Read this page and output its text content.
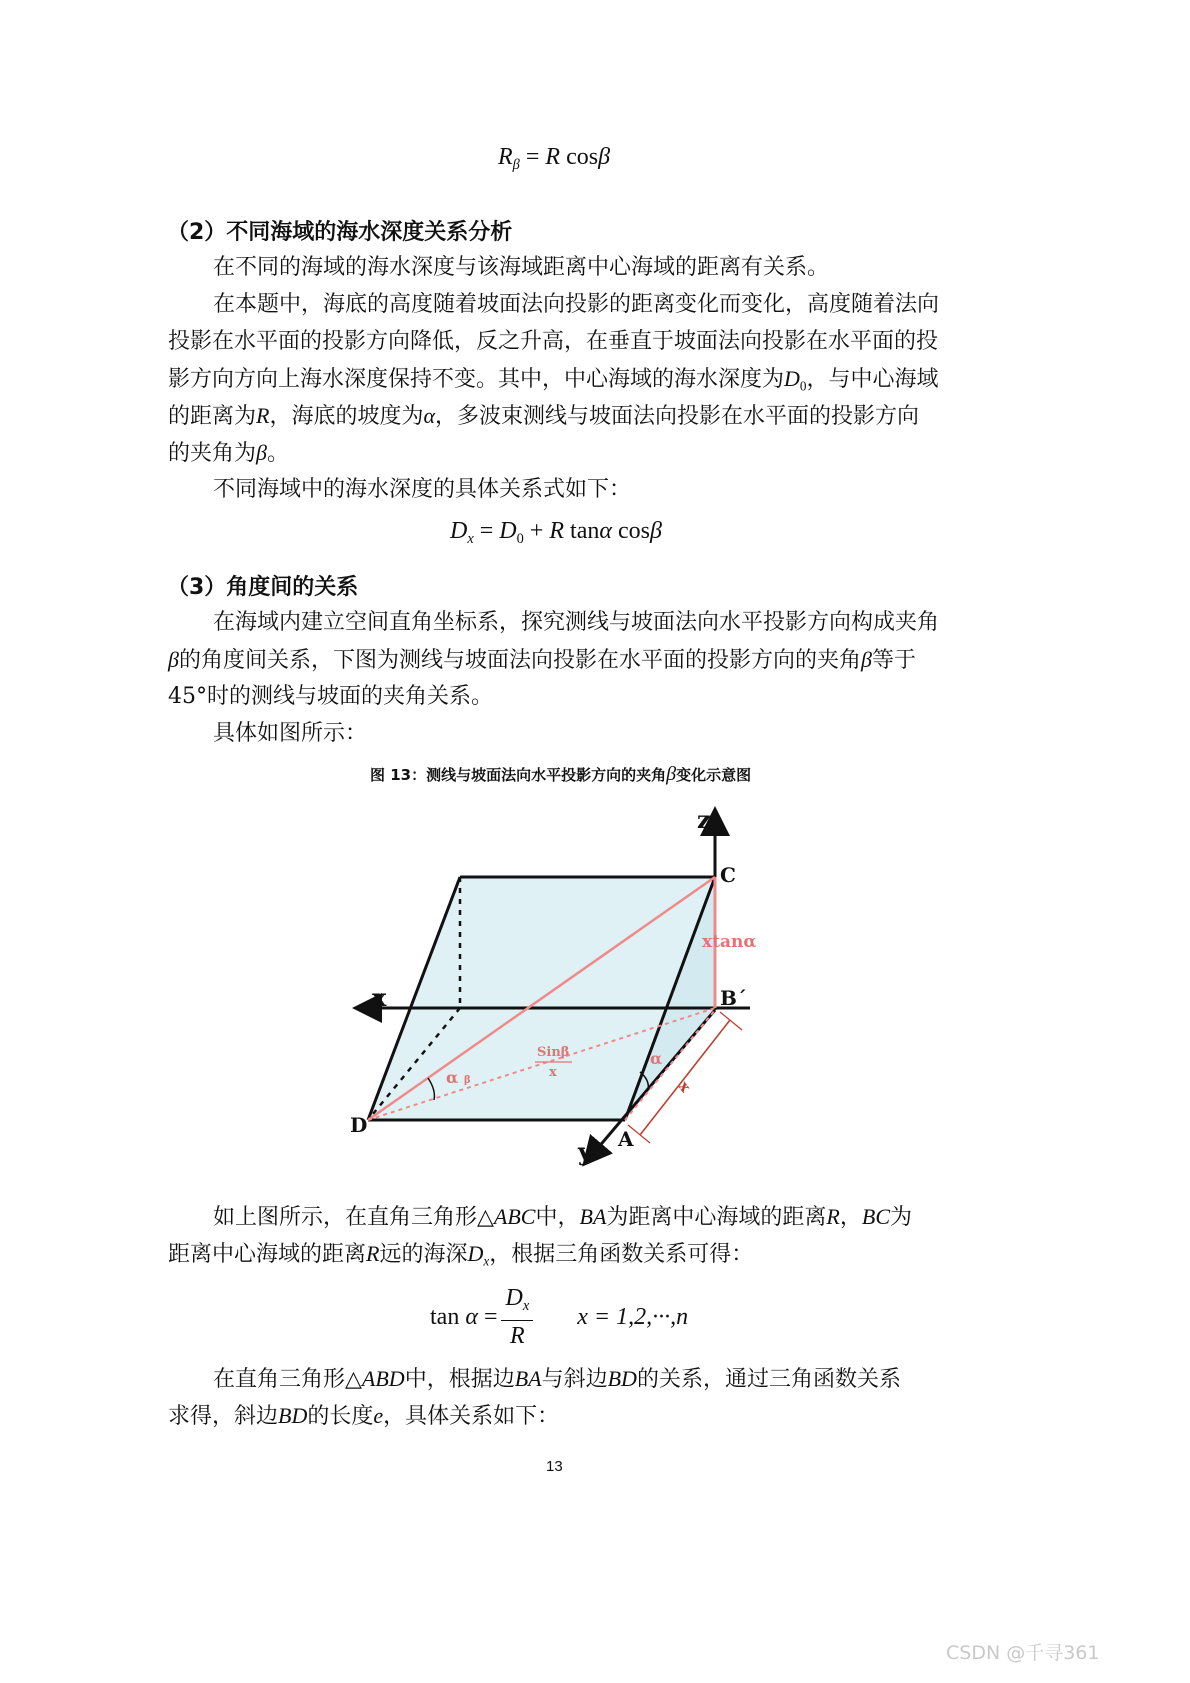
$R_\beta = R$ cosβ
（2）不同海域的海水深度关系分析
在不同的海域的海水深度与该海域距离中心海域的距离有关系。
在本题中，海底的高度随着坡面法向投影的距离变化而变化，高度随着法向
投影在水平面的投影方向降低，反之升高，在垂直于坡面法向投影在水平面的投
影方向方向上海水深度保持不变。其中，中心海域的海水深度为$D_0$，与中心海域
的距离为R，海底的坡度为α，多波束测线与坡面法向投影在水平面的投影方向
的夹角为β。
不同海域中的海水深度的具体关系式如下：
$D_x = D_0 + R$ tanα cosβ
（3）角度间的关系
在海域内建立空间直角坐标系，探究测线与坡面法向水平投影方向构成夹角
β的角度间关系，下图为测线与坡面法向投影在水平面的投影方向的夹角β等于
45°时的测线与坡面的夹角关系。
具体如图所示：
图 13：测线与坡面法向水平投影方向的夹角β变化示意图
z
x
y
C
B´
D
A
xtanα
Sinβ
x
α β
α
x
如上图所示，在直角三角形△ABC中，BA为距离中心海域的距离R，BC为
距离中心海域的距离R远的海深$D_x$，根据三角函数关系可得：
tan
α
= $\frac{D_x}{R}$ x = 1,2,···,n
在直角三角形△ABD中，根据边BA与斜边BD的关系，通过三角函数关系
求得，斜边BD的长度e，具体关系如下：
13
CSDN @千寻361
